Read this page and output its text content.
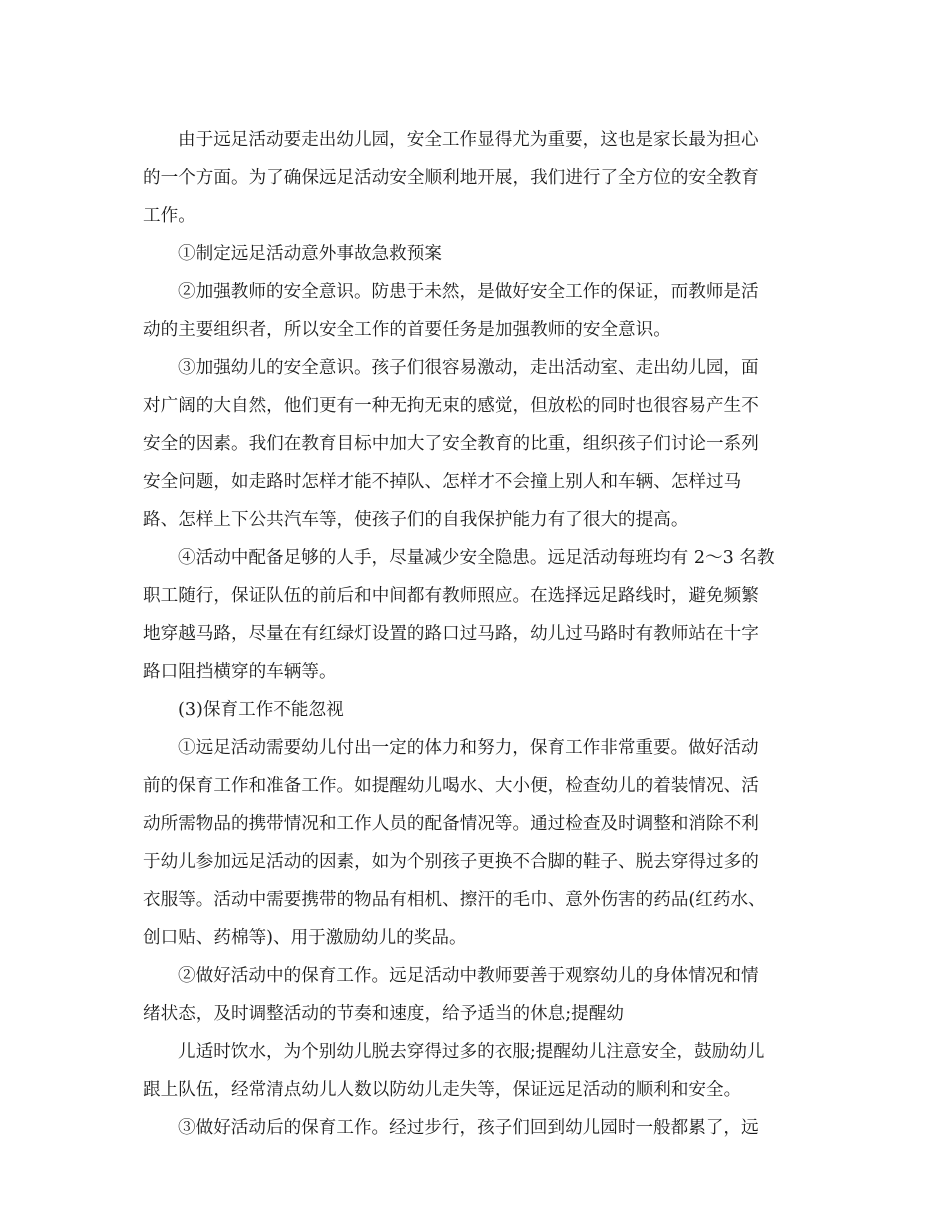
由于远足活动要走出幼儿园，安全工作显得尤为重要，这也是家长最为担心
的一个方面。为了确保远足活动安全顺利地开展，我们进行了全方位的安全教育
工作。
①制定远足活动意外事故急救预案
②加强教师的安全意识。防患于未然，是做好安全工作的保证，而教师是活
动的主要组织者，所以安全工作的首要任务是加强教师的安全意识。
③加强幼儿的安全意识。孩子们很容易激动，走出活动室、走出幼儿园，面
对广阔的大自然，他们更有一种无拘无束的感觉，但放松的同时也很容易产生不
安全的因素。我们在教育目标中加大了安全教育的比重，组织孩子们讨论一系列
安全问题，如走路时怎样才能不掉队、怎样才不会撞上别人和车辆、怎样过马
路、怎样上下公共汽车等，使孩子们的自我保护能力有了很大的提高。
④活动中配备足够的人手，尽量减少安全隐患。远足活动每班均有 2～3 名教
职工随行，保证队伍的前后和中间都有教师照应。在选择远足路线时，避免频繁
地穿越马路，尽量在有红绿灯设置的路口过马路，幼儿过马路时有教师站在十字
路口阻挡横穿的车辆等。
(3)保育工作不能忽视
①远足活动需要幼儿付出一定的体力和努力，保育工作非常重要。做好活动
前的保育工作和准备工作。如提醒幼儿喝水、大小便，检查幼儿的着装情况、活
动所需物品的携带情况和工作人员的配备情况等。通过检查及时调整和消除不利
于幼儿参加远足活动的因素，如为个别孩子更换不合脚的鞋子、脱去穿得过多的
衣服等。活动中需要携带的物品有相机、擦汗的毛巾、意外伤害的药品(红药水、
创口贴、药棉等)、用于激励幼儿的奖品。
②做好活动中的保育工作。远足活动中教师要善于观察幼儿的身体情况和情
绪状态，及时调整活动的节奏和速度，给予适当的休息;提醒幼
儿适时饮水，为个别幼儿脱去穿得过多的衣服;提醒幼儿注意安全，鼓励幼儿
跟上队伍，经常清点幼儿人数以防幼儿走失等，保证远足活动的顺利和安全。
③做好活动后的保育工作。经过步行，孩子们回到幼儿园时一般都累了，远
